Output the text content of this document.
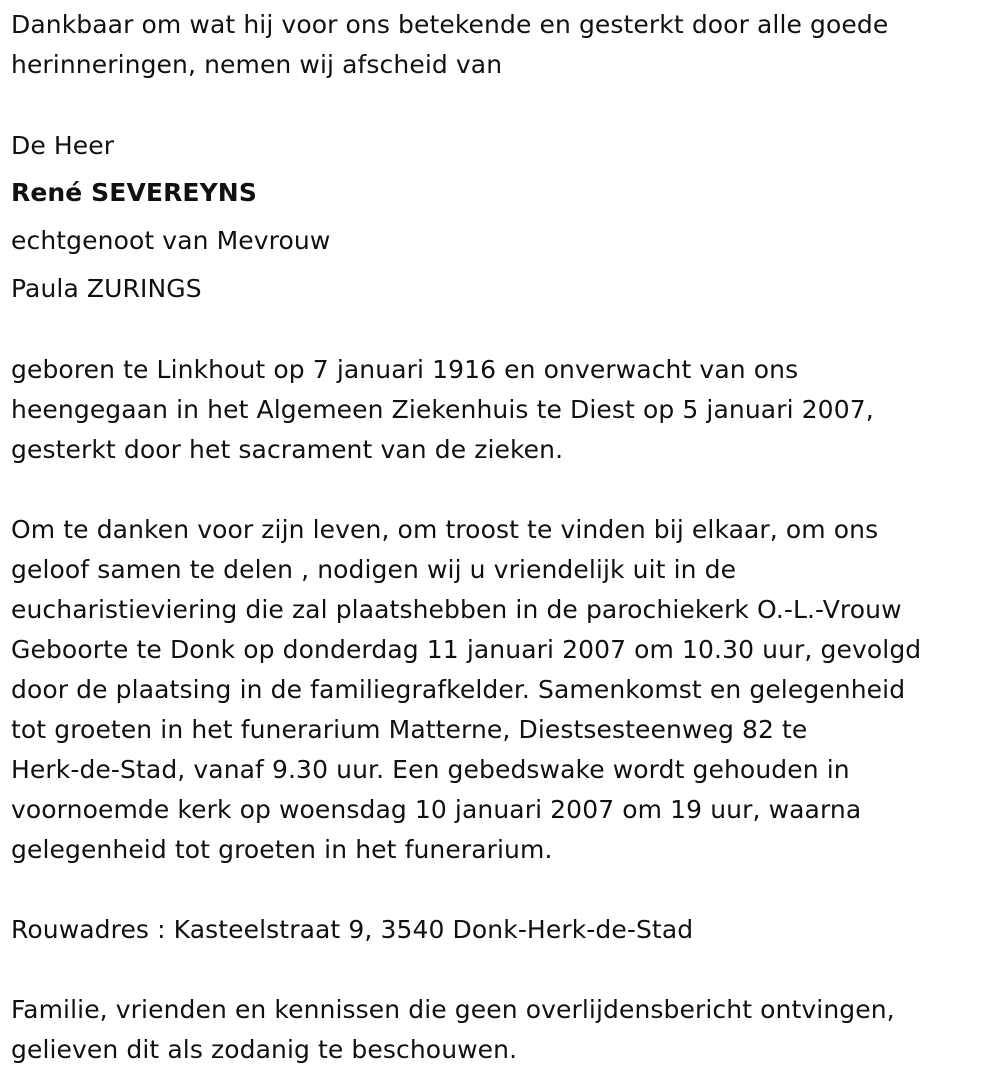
Dankbaar om wat hij voor ons betekende en gesterkt door alle goede
herinneringen, nemen wij afscheid van
De Heer
René SEVEREYNS
echtgenoot van Mevrouw
Paula ZURINGS
geboren te Linkhout op 7 januari 1916 en onverwacht van ons
heengegaan in het Algemeen Ziekenhuis te Diest op 5 januari 2007,
gesterkt door het sacrament van de zieken.
Om te danken voor zijn leven, om troost te vinden bij elkaar, om ons
geloof samen te delen , nodigen wij u vriendelijk uit in de
eucharistieviering die zal plaatshebben in de parochiekerk O.-L.-Vrouw
Geboorte te Donk op donderdag 11 januari 2007 om 10.30 uur, gevolgd
door de plaatsing in de familiegrafkelder. Samenkomst en gelegenheid
tot groeten in het funerarium Matterne, Diestsesteenweg 82 te
Herk-de-Stad, vanaf 9.30 uur. Een gebedswake wordt gehouden in
voornoemde kerk op woensdag 10 januari 2007 om 19 uur, waarna
gelegenheid tot groeten in het funerarium.
Rouwadres : Kasteelstraat 9, 3540 Donk-Herk-de-Stad
Familie, vrienden en kennissen die geen overlijdensbericht ontvingen,
gelieven dit als zodanig te beschouwen.
